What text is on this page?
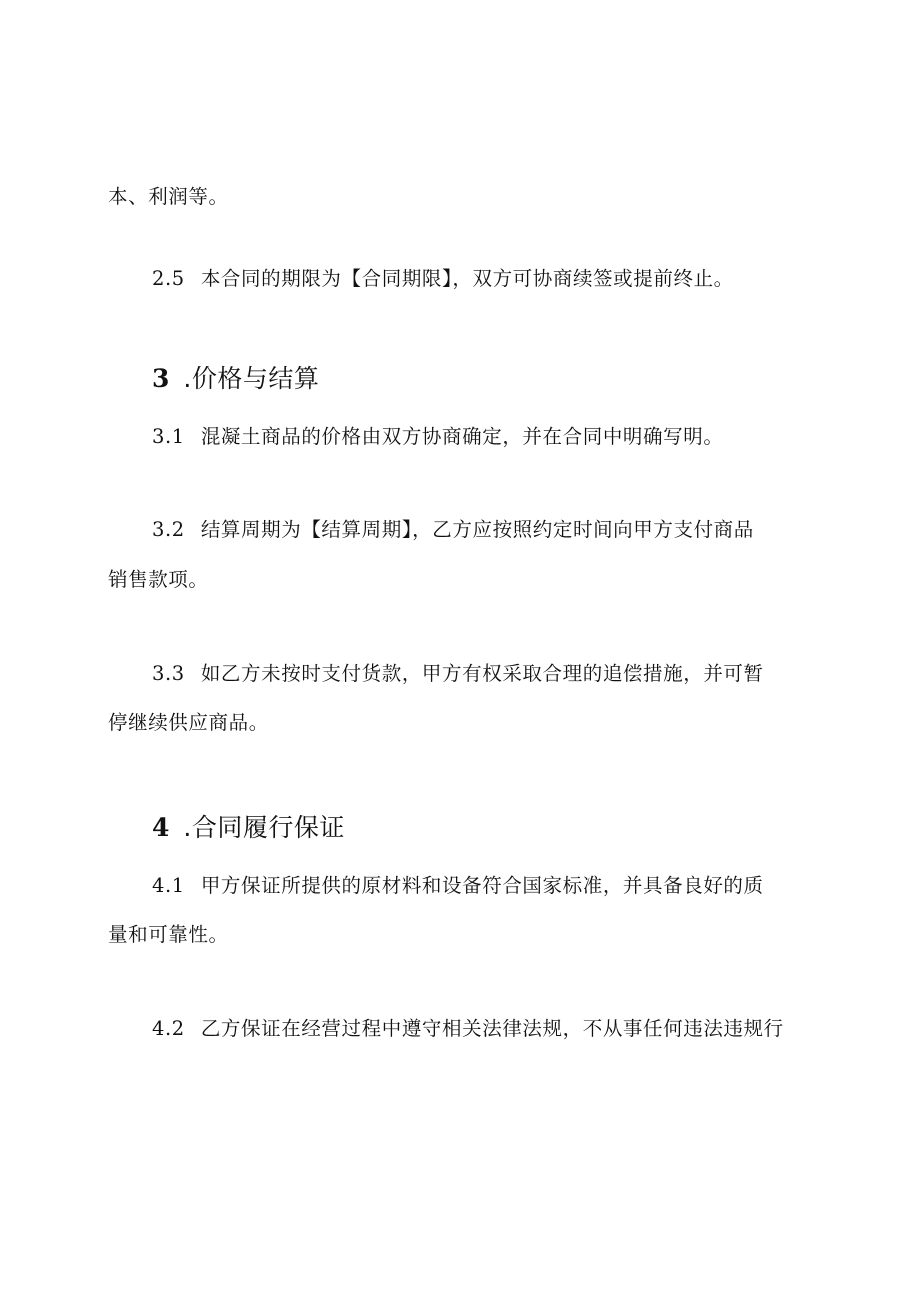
本、利润等。

2.5 本合同的期限为【合同期限】，双方可协商续签或提前终止。

3 .价格与结算

3.1 混凝土商品的价格由双方协商确定，并在合同中明确写明。

3.2 结算周期为【结算周期】，乙方应按照约定时间向甲方支付商品

销售款项。

3.3 如乙方未按时支付货款，甲方有权采取合理的追偿措施，并可暂

停继续供应商品。

4 .合同履行保证

4.1 甲方保证所提供的原材料和设备符合国家标准，并具备良好的质

量和可靠性。

4.2 乙方保证在经营过程中遵守相关法律法规，不从事任何违法违规行
